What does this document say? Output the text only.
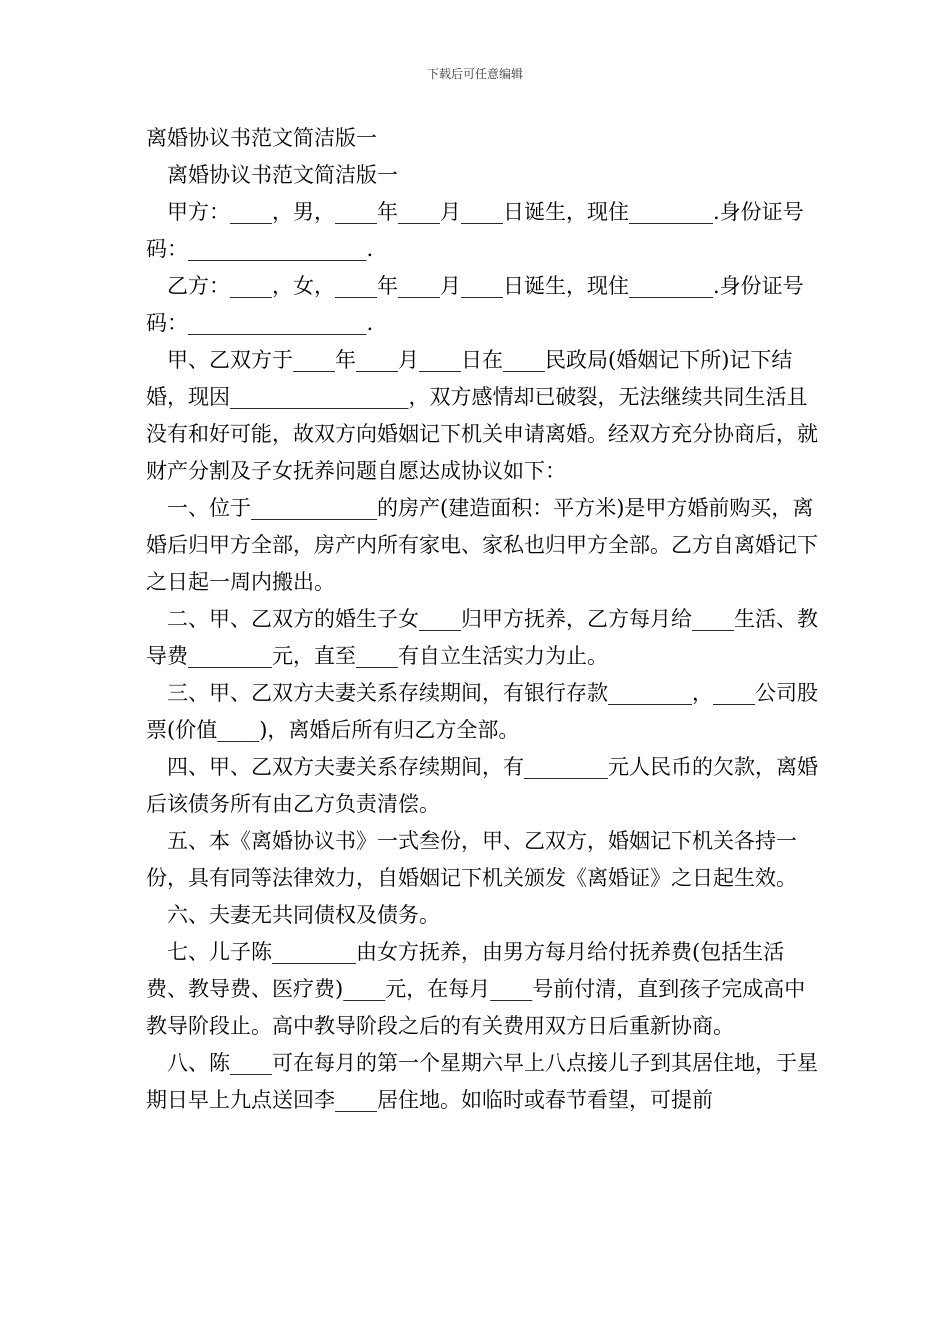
下载后可任意编辑

离婚协议书范文简洁版一

离婚协议书范文简洁版一

甲方：____，男，____年____月____日诞生，现住________.身份证号码：_________________.

乙方：____，女，____年____月____日诞生，现住________.身份证号码：_________________.

甲、乙双方于____年____月____日在____民政局(婚姻记下所)记下结婚，现因_________________，双方感情却已破裂，无法继续共同生活且没有和好可能，故双方向婚姻记下机关申请离婚。经双方充分协商后，就财产分割及子女抚养问题自愿达成协议如下：

一、位于____________的房产(建造面积：平方米)是甲方婚前购买，离婚后归甲方全部，房产内所有家电、家私也归甲方全部。乙方自离婚记下之日起一周内搬出。

二、甲、乙双方的婚生子女____归甲方抚养，乙方每月给____生活、教导费________元，直至____有自立生活实力为止。

三、甲、乙双方夫妻关系存续期间，有银行存款________，____公司股票(价值____)，离婚后所有归乙方全部。

四、甲、乙双方夫妻关系存续期间，有________元人民币的欠款，离婚后该债务所有由乙方负责清偿。

五、本《离婚协议书》一式叁份，甲、乙双方，婚姻记下机关各持一份，具有同等法律效力，自婚姻记下机关颁发《离婚证》之日起生效。

六、夫妻无共同债权及债务。

七、儿子陈________由女方抚养，由男方每月给付抚养费(包括生活费、教导费、医疗费)____元，在每月____号前付清，直到孩子完成高中教导阶段止。高中教导阶段之后的有关费用双方日后重新协商。

八、陈____可在每月的第一个星期六早上八点接儿子到其居住地，于星期日早上九点送回李____居住地。如临时或春节看望，可提前
